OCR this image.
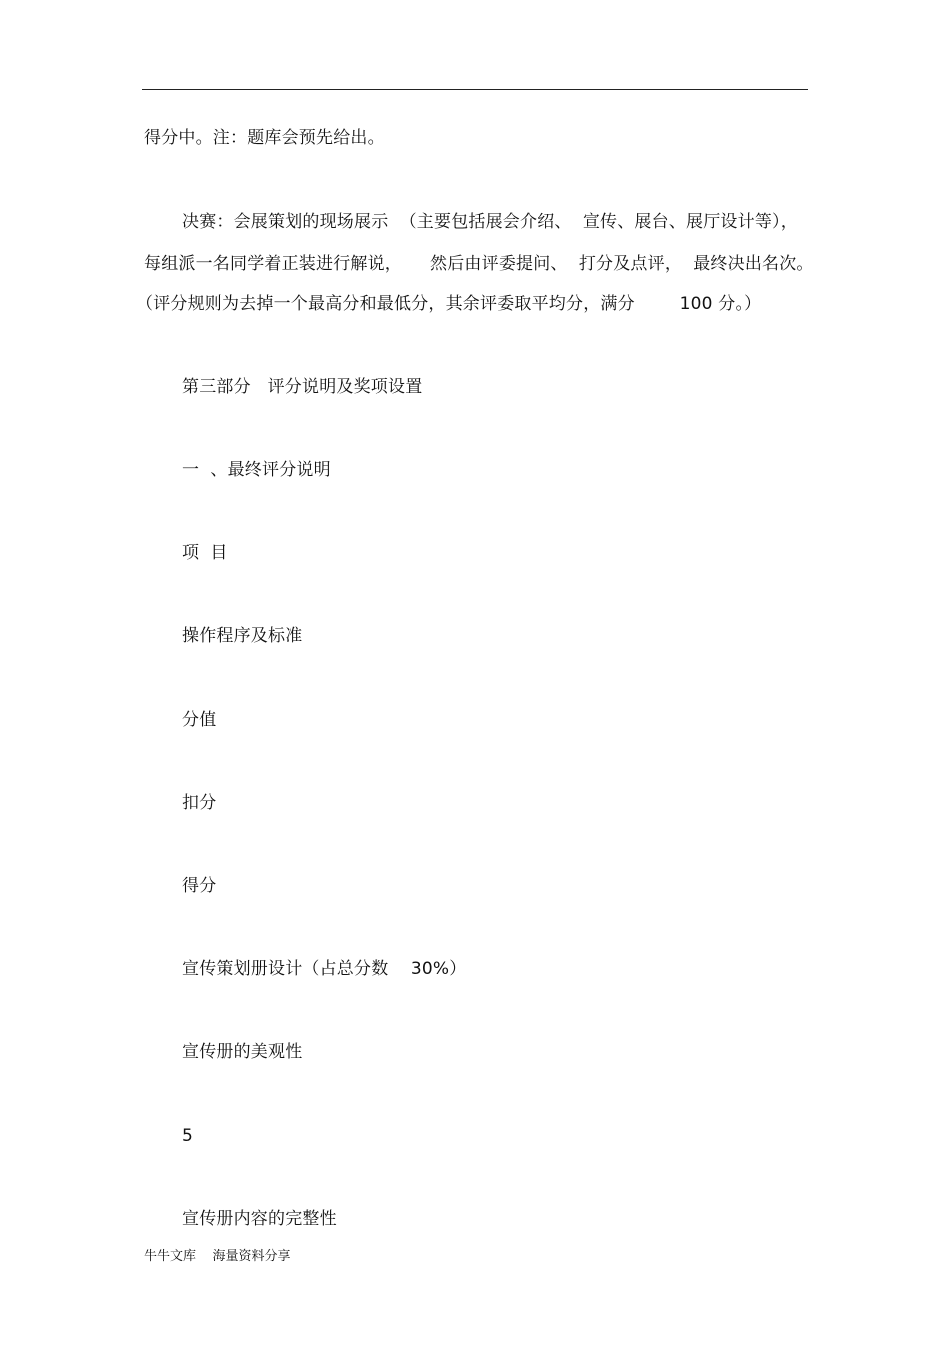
得分中。注：题库会预先给出。
决赛：会展策划的现场展示  （主要包括展会介绍、  宣传、展台、展厅设计等），
每组派一名同学着正装进行解说，     然后由评委提问、  打分及点评，  最终决出名次。
（评分规则为去掉一个最高分和最低分，其余评委取平均分，满分        100 分。）
第三部分   评分说明及奖项设置
一  、最终评分说明
项  目
操作程序及标准
分值
扣分
得分
宣传策划册设计（占总分数    30%）
宣传册的美观性
5
宣传册内容的完整性
牛牛文库    海量资料分享
